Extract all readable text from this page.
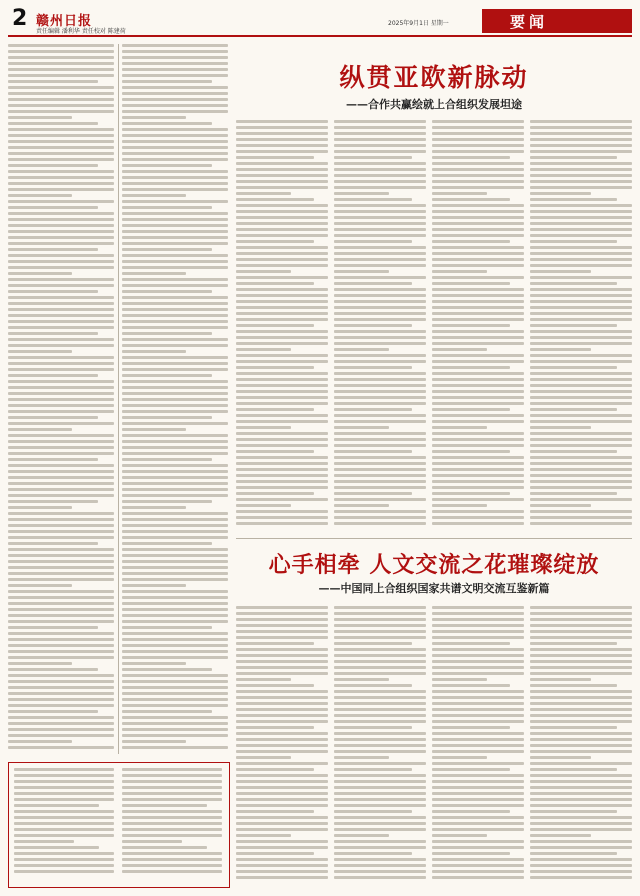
2 赣州日报
责任编辑 潘利华 责任校对 陈建荷
2025年9月1日 星期一	要闻
纵贯亚欧新脉动
——合作共赢绘就上合组织发展坦途
心手相牵 人文交流之花璀璨绽放
——中国同上合组织国家共谱文明交流互鉴新篇
